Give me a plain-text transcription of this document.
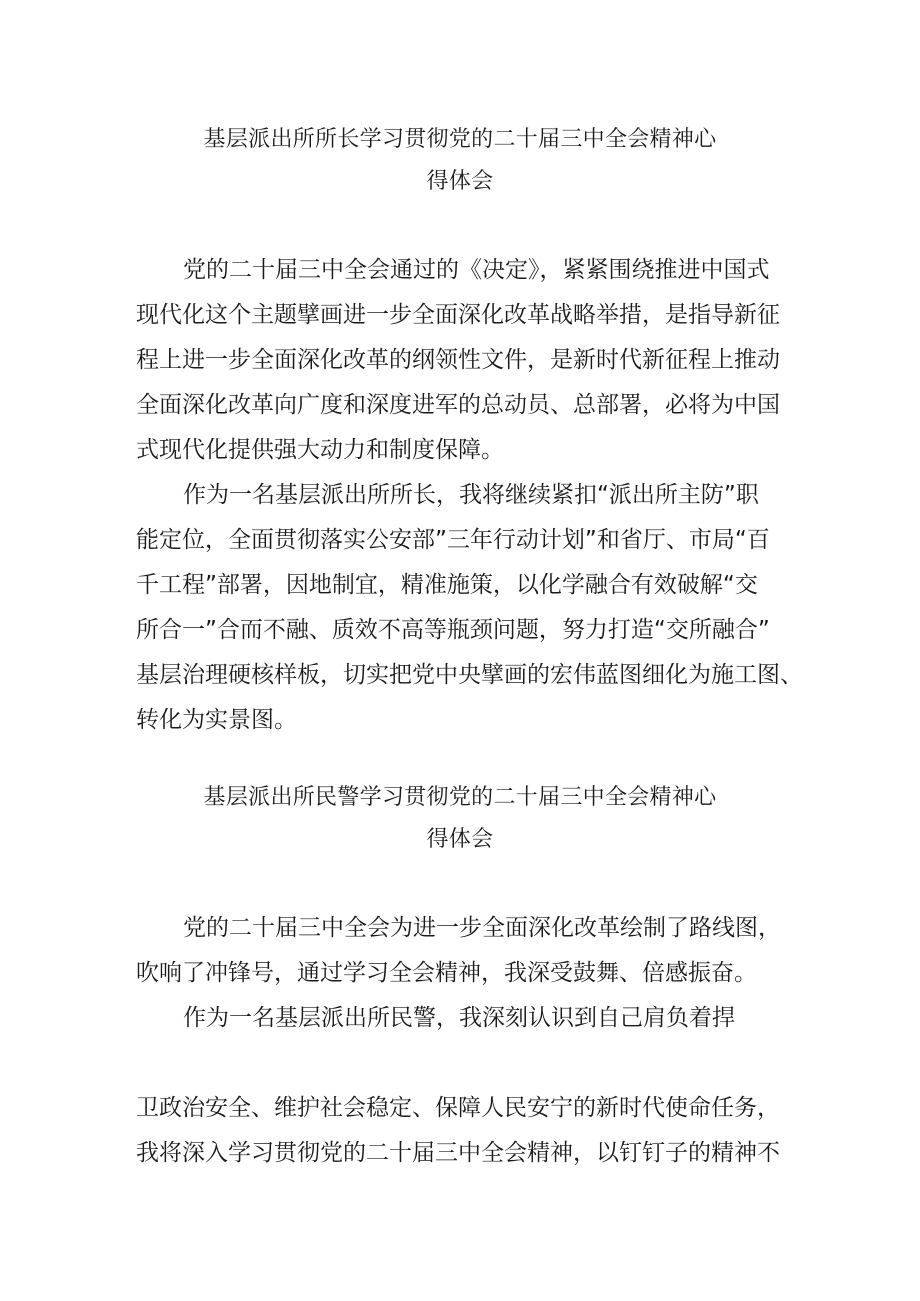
基层派出所所长学习贯彻党的二十届三中全会精神心
得体会

党的二十届三中全会通过的《决定》，紧紧围绕推进中国式

现代化这个主题擘画进一步全面深化改革战略举措，是指导新征

程上进一步全面深化改革的纲领性文件，是新时代新征程上推动

全面深化改革向广度和深度进军的总动员、总部署，必将为中国

式现代化提供强大动力和制度保障。

作为一名基层派出所所长，我将继续紧扣“派出所主防”职

能定位，全面贯彻落实公安部”三年行动计划”和省厅、市局“百

千工程”部署，因地制宜，精准施策，以化学融合有效破解“交

所合一”合而不融、质效不高等瓶颈问题，努力打造“交所融合”

基层治理硬核样板，切实把党中央擘画的宏伟蓝图细化为施工图、

转化为实景图。

基层派出所民警学习贯彻党的二十届三中全会精神心
得体会

党的二十届三中全会为进一步全面深化改革绘制了路线图，

吹响了冲锋号，通过学习全会精神，我深受鼓舞、倍感振奋。

作为一名基层派出所民警，我深刻认识到自己肩负着捍

卫政治安全、维护社会稳定、保障人民安宁的新时代使命任务，

我将深入学习贯彻党的二十届三中全会精神，以钉钉子的精神不
